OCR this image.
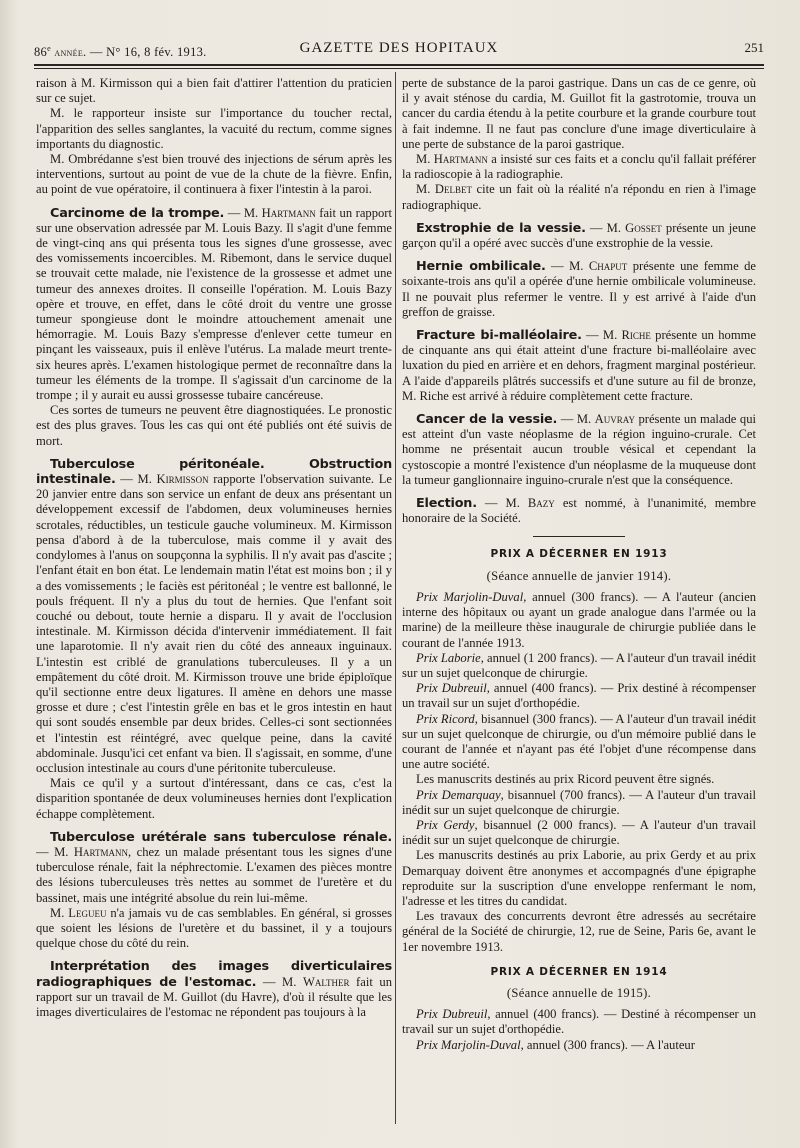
86e année. — N° 16, 8 fév. 1913.	GAZETTE DES HOPITAUX	251

raison à M. Kirmisson qui a bien fait d'attirer l'attention du praticien sur ce sujet.

M. le rapporteur insiste sur l'importance du toucher rectal, l'apparition des selles sanglantes, la vacuité du rectum, comme signes importants du diagnostic.

M. Ombrédanne s'est bien trouvé des injections de sérum après les interventions, surtout au point de vue de la chute de la fièvre. Enfin, au point de vue opératoire, il continuera à fixer l'intestin à la paroi.

Carcinome de la trompe. — M. Hartmann fait un rapport sur une observation adressée par M. Louis Bazy. Il s'agit d'une femme de vingt-cinq ans qui présenta tous les signes d'une grossesse, avec des vomissements incoercibles. M. Ribemont, dans le service duquel se trouvait cette malade, nie l'existence de la grossesse et admet une tumeur des annexes droites. Il conseille l'opération. M. Louis Bazy opère et trouve, en effet, dans le côté droit du ventre une grosse tumeur spongieuse dont le moindre attouchement amenait une hémorragie. M. Louis Bazy s'empresse d'enlever cette tumeur en pinçant les vaisseaux, puis il enlève l'utérus. La malade meurt trente-six heures après. L'examen histologique permet de reconnaître dans la tumeur les éléments de la trompe. Il s'agissait d'un carcinome de la trompe ; il y aurait eu aussi grossesse tubaire cancéreuse.

Ces sortes de tumeurs ne peuvent être diagnostiquées. Le pronostic est des plus graves. Tous les cas qui ont été publiés ont été suivis de mort.

Tuberculose péritonéale. Obstruction intestinale. — M. Kirmisson rapporte l'observation suivante. Le 20 janvier entre dans son service un enfant de deux ans présentant un développement excessif de l'abdomen, deux volumineuses hernies scrotales, réductibles, un testicule gauche volumineux. M. Kirmisson pensa d'abord à de la tuberculose, mais comme il y avait des condylomes à l'anus on soupçonna la syphilis. Il n'y avait pas d'ascite ; l'enfant était en bon état. Le lendemain matin l'état est moins bon ; il y a des vomissements ; le faciès est péritonéal ; le ventre est ballonné, le pouls fréquent. Il n'y a plus du tout de hernies. Que l'enfant soit couché ou debout, toute hernie a disparu. Il y avait de l'occlusion intestinale. M. Kirmisson décida d'intervenir immédiatement. Il fait une laparotomie. Il n'y avait rien du côté des anneaux inguinaux. L'intestin est criblé de granulations tuberculeuses. Il y a un empâtement du côté droit. M. Kirmisson trouve une bride épiploïque qu'il sectionne entre deux ligatures. Il amène en dehors une masse grosse et dure ; c'est l'intestin grêle en bas et le gros intestin en haut qui sont soudés ensemble par deux brides. Celles-ci sont sectionnées et l'intestin est réintégré, avec quelque peine, dans la cavité abdominale. Jusqu'ici cet enfant va bien. Il s'agissait, en somme, d'une occlusion intestinale au cours d'une péritonite tuberculeuse.

Mais ce qu'il y a surtout d'intéressant, dans ce cas, c'est la disparition spontanée de deux volumineuses hernies dont l'explication échappe complètement.

Tuberculose urétérale sans tuberculose rénale. — M. Hartmann, chez un malade présentant tous les signes d'une tuberculose rénale, fait la néphrectomie. L'examen des pièces montre des lésions tuberculeuses très nettes au sommet de l'uretère et du bassinet, mais une intégrité absolue du rein lui-même.

M. Legueu n'a jamais vu de cas semblables. En général, si grosses que soient les lésions de l'uretère et du bassinet, il y a toujours quelque chose du côté du rein.

Interprétation des images diverticulaires radiographiques de l'estomac. — M. Walther fait un rapport sur un travail de M. Guillot (du Havre), d'où il résulte que les images diverticulaires de l'estomac ne répondent pas toujours à la

perte de substance de la paroi gastrique. Dans un cas de ce genre, où il y avait sténose du cardia, M. Guillot fit la gastrotomie, trouva un cancer du cardia étendu à la petite courbure et la grande courbure tout à fait indemne. Il ne faut pas conclure d'une image diverticulaire à une perte de substance de la paroi gastrique.

M. Hartmann a insisté sur ces faits et a conclu qu'il fallait préférer la radioscopie à la radiographie.

M. Delbet cite un fait où la réalité n'a répondu en rien à l'image radiographique.

Exstrophie de la vessie. — M. Gosset présente un jeune garçon qu'il a opéré avec succès d'une exstrophie de la vessie.

Hernie ombilicale. — M. Chaput présente une femme de soixante-trois ans qu'il a opérée d'une hernie ombilicale volumineuse. Il ne pouvait plus refermer le ventre. Il y est arrivé à l'aide d'un greffon de graisse.

Fracture bi-malléolaire. — M. Riche présente un homme de cinquante ans qui était atteint d'une fracture bi-malléolaire avec luxation du pied en arrière et en dehors, fragment marginal postérieur. A l'aide d'appareils plâtrés successifs et d'une suture au fil de bronze, M. Riche est arrivé à réduire complètement cette fracture.

Cancer de la vessie. — M. Auvray présente un malade qui est atteint d'un vaste néoplasme de la région inguino-crurale. Cet homme ne présentait aucun trouble vésical et cependant la cystoscopie a montré l'existence d'un néoplasme de la muqueuse dont la tumeur ganglionnaire inguino-crurale n'est que la conséquence.

Election. — M. Bazy est nommé, à l'unanimité, membre honoraire de la Société.

PRIX A DÉCERNER EN 1913
(Séance annuelle de janvier 1914).

Prix Marjolin-Duval, annuel (300 francs). — A l'auteur (ancien interne des hôpitaux ou ayant un grade analogue dans l'armée ou la marine) de la meilleure thèse inaugurale de chirurgie publiée dans le courant de l'année 1913.

Prix Laborie, annuel (1 200 francs). — A l'auteur d'un travail inédit sur un sujet quelconque de chirurgie.

Prix Dubreuil, annuel (400 francs). — Prix destiné à récompenser un travail sur un sujet d'orthopédie.

Prix Ricord, bisannuel (300 francs). — A l'auteur d'un travail inédit sur un sujet quelconque de chirurgie, ou d'un mémoire publié dans le courant de l'année et n'ayant pas été l'objet d'une récompense dans une autre société.

Les manuscrits destinés au prix Ricord peuvent être signés.

Prix Demarquay, bisannuel (700 francs). — A l'auteur d'un travail inédit sur un sujet quelconque de chirurgie.

Prix Gerdy, bisannuel (2 000 francs). — A l'auteur d'un travail inédit sur un sujet quelconque de chirurgie.

Les manuscrits destinés au prix Laborie, au prix Gerdy et au prix Demarquay doivent être anonymes et accompagnés d'une épigraphe reproduite sur la suscription d'une enveloppe renfermant le nom, l'adresse et les titres du candidat.

Les travaux des concurrents devront être adressés au secrétaire général de la Société de chirurgie, 12, rue de Seine, Paris 6e, avant le 1er novembre 1913.

PRIX A DÉCERNER EN 1914
(Séance annuelle de 1915).

Prix Dubreuil, annuel (400 francs). — Destiné à récompenser un travail sur un sujet d'orthopédie.

Prix Marjolin-Duval, annuel (300 francs). — A l'auteur
